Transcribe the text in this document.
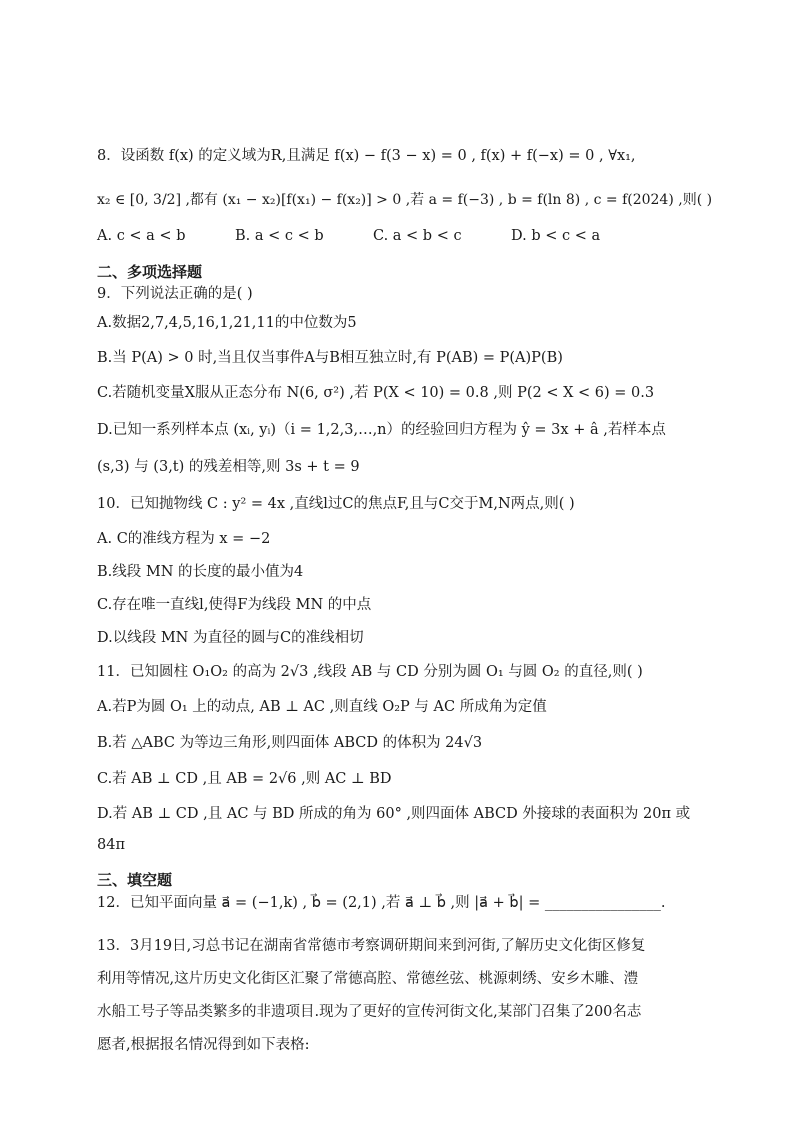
8．设函数 f(x) 的定义域为R,且满足 f(x) − f(3 − x) = 0 , f(x) + f(−x) = 0 , ∀x₁,
x₂ ∈ [0, 3/2] ,都有 (x₁ − x₂)[f(x₁) − f(x₂)] > 0 ,若 a = f(−3) , b = f(ln 8) , c = f(2024) ,则( )
A. c < a < b	B. a < c < b	C. a < b < c	D. b < c < a
二、多项选择题
9．下列说法正确的是( )
A.数据2,7,4,5,16,1,21,11的中位数为5
B.当 P(A) > 0 时,当且仅当事件A与B相互独立时,有 P(AB) = P(A)P(B)
C.若随机变量X服从正态分布 N(6, σ²) ,若 P(X < 10) = 0.8 ,则 P(2 < X < 6) = 0.3
D.已知一系列样本点 (xᵢ, yᵢ)（i = 1,2,3,…,n）的经验回归方程为 ŷ = 3x + â ,若样本点
(s,3) 与 (3,t) 的残差相等,则 3s + t = 9
10．已知抛物线 C : y² = 4x ,直线l过C的焦点F,且与C交于M,N两点,则( )
A. C的准线方程为 x = −2
B.线段 MN 的长度的最小值为4
C.存在唯一直线l,使得F为线段 MN 的中点
D.以线段 MN 为直径的圆与C的准线相切
11．已知圆柱 O₁O₂ 的高为 2√3 ,线段 AB 与 CD 分别为圆 O₁ 与圆 O₂ 的直径,则( )
A.若P为圆 O₁ 上的动点, AB ⊥ AC ,则直线 O₂P 与 AC 所成角为定值
B.若 △ABC 为等边三角形,则四面体 ABCD 的体积为 24√3
C.若 AB ⊥ CD ,且 AB = 2√6 ,则 AC ⊥ BD
D.若 AB ⊥ CD ,且 AC 与 BD 所成的角为 60° ,则四面体 ABCD 外接球的表面积为 20π 或
84π
三、填空题
12．已知平面向量 a⃗ = (−1,k) , b⃗ = (2,1) ,若 a⃗ ⊥ b⃗ ,则 |a⃗ + b⃗| = ________________.
13．3月19日,习总书记在湖南省常德市考察调研期间来到河街,了解历史文化街区修复
利用等情况,这片历史文化街区汇聚了常德高腔、常德丝弦、桃源刺绣、安乡木雕、澧
水船工号子等品类繁多的非遗项目.现为了更好的宣传河街文化,某部门召集了200名志
愿者,根据报名情况得到如下表格:
